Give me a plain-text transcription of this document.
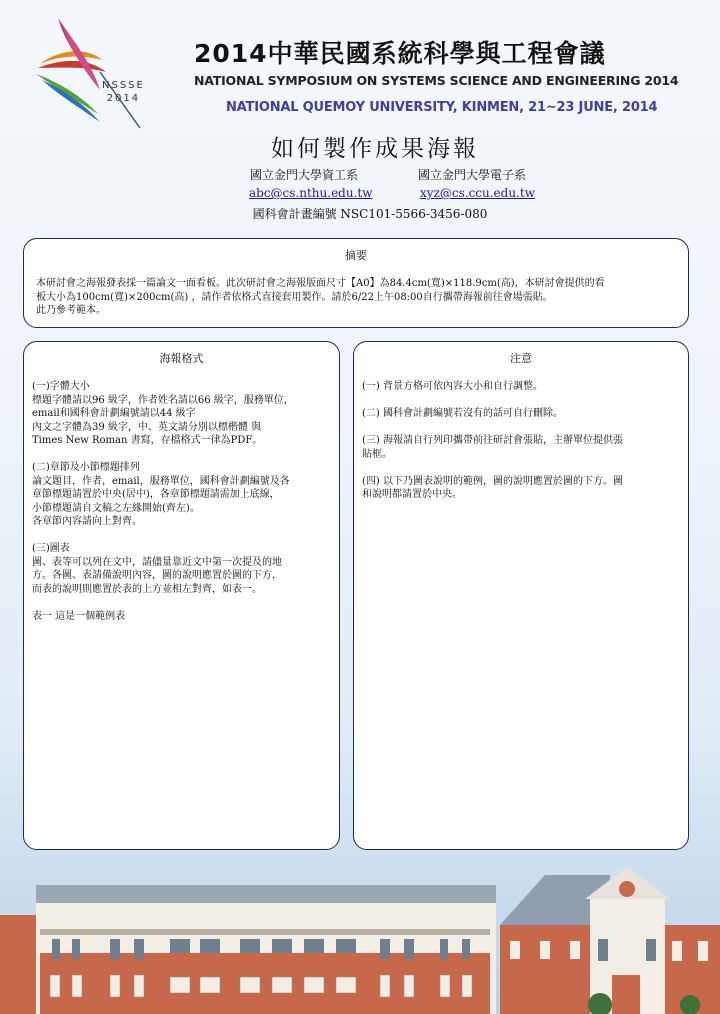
NSSSE
2014
2014中華民國系統科學與工程會議
NATIONAL SYMPOSIUM ON SYSTEMS SCIENCE AND ENGINEERING 2014
NATIONAL QUEMOY UNIVERSITY, KINMEN, 21~23 JUNE, 2014
如何製作成果海報
國立金門大學資工系	國立金門大學電子系
abc@cs.nthu.edu.tw	xyz@cs.ccu.edu.tw
國科會計畫編號 NSC101-5566-3456-080
摘要
本研討會之海報發表採一篇論文一面看板。此次研討會之海報版面尺寸【A0】為84.4cm(寬)×118.9cm(高)，本研討會提供的看
板大小為100cm(寬)×200cm(高) ，請作者依格式直接套用製作。請於6/22上午08:00自行攜帶海報前往會場張貼。
此乃參考範本。
海報格式
(一)字體大小
標題字體請以96 級字，作者姓名請以66 級字，服務單位，
email和國科會計劃編號請以44 級字
內文之字體為39 級字，中、英文請分別以標楷體 與
Times New Roman 書寫，存檔格式一律為PDF。
(二)章節及小節標題排列
論文題目，作者，email，服務單位，國科會計劃編號及各
章節標題請置於中央(居中)，各章節標題請需加上底線，
小節標題請自文稿之左緣開始(齊左)。
各章節內容請向上對齊。
(三)圖表
圖、表等可以列在文中，請儘量靠近文中第一次提及的地
方。各圖、表請備說明內容，圖的說明應置於圖的下方，
而表的說明則應置於表的上方並相左對齊，如表一。
表一 這是一個範例表
注意
(一) 背景方格可依內容大小和自行調整。
(二) 國科會計劃編號若沒有的話可自行刪除。
(三) 海報請自行列印攜帶前往研討會張貼，主辦單位提供張
貼框。
(四) 以下乃圖表說明的範例，圖的說明應置於圖的下方。圖
和說明都請置於中央。
